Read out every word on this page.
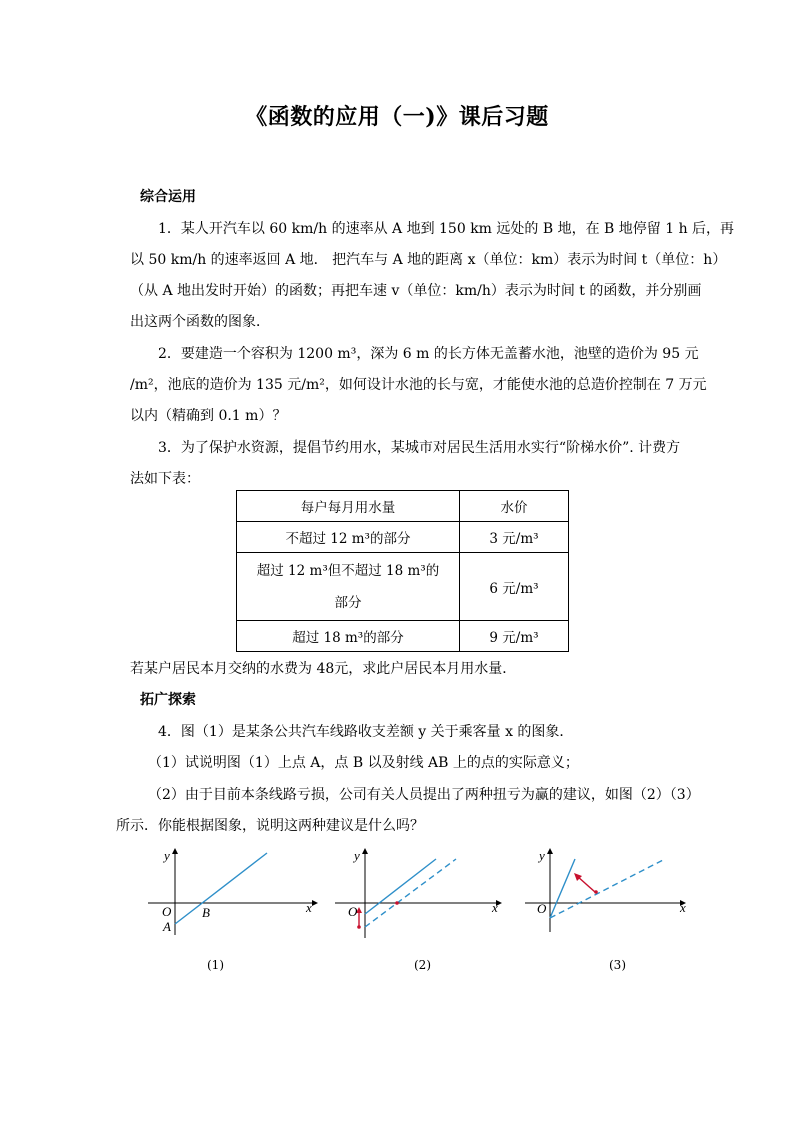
《函数的应用（一)》课后习题
综合运用
1．某人开汽车以 60 km/h 的速率从 A 地到 150 km 远处的 B 地，在 B 地停留 1 h 后，再
以 50 km/h 的速率返回 A 地． 把汽车与 A 地的距离 x（单位：km）表示为时间 t（单位：h）
（从 A 地出发时开始）的函数；再把车速 v（单位：km/h）表示为时间 t 的函数，并分别画
出这两个函数的图象．
2．要建造一个容积为 1200 m³，深为 6 m 的长方体无盖蓄水池，池壁的造价为 95 元
/m²，池底的造价为 135 元/m²，如何设计水池的长与宽，才能使水池的总造价控制在 7 万元
以内（精确到 0.1 m）？
3．为了保护水资源，提倡节约用水，某城市对居民生活用水实行“阶梯水价”. 计费方
法如下表：
每户每月用水量	水价
不超过 12 m³的部分	3 元/m³

超过 12 m³但不超过 18 m³的
部分	6 元/m³
超过 18 m³的部分	9 元/m³
若某户居民本月交纳的水费为 48元，求此户居民本月用水量．
拓广探索
4．图（1）是某条公共汽车线路收支差额 y 关于乘客量 x 的图象．
（1）试说明图（1）上点 A，点 B 以及射线 AB 上的点的实际意义；
（2）由于目前本条线路亏损，公司有关人员提出了两种扭亏为赢的建议，如图（2）（3）
所示．你能根据图象，说明这两种建议是什么吗？
y
x
O B
A
y
x
O
y
x
O
(1)	(2)	(3)
